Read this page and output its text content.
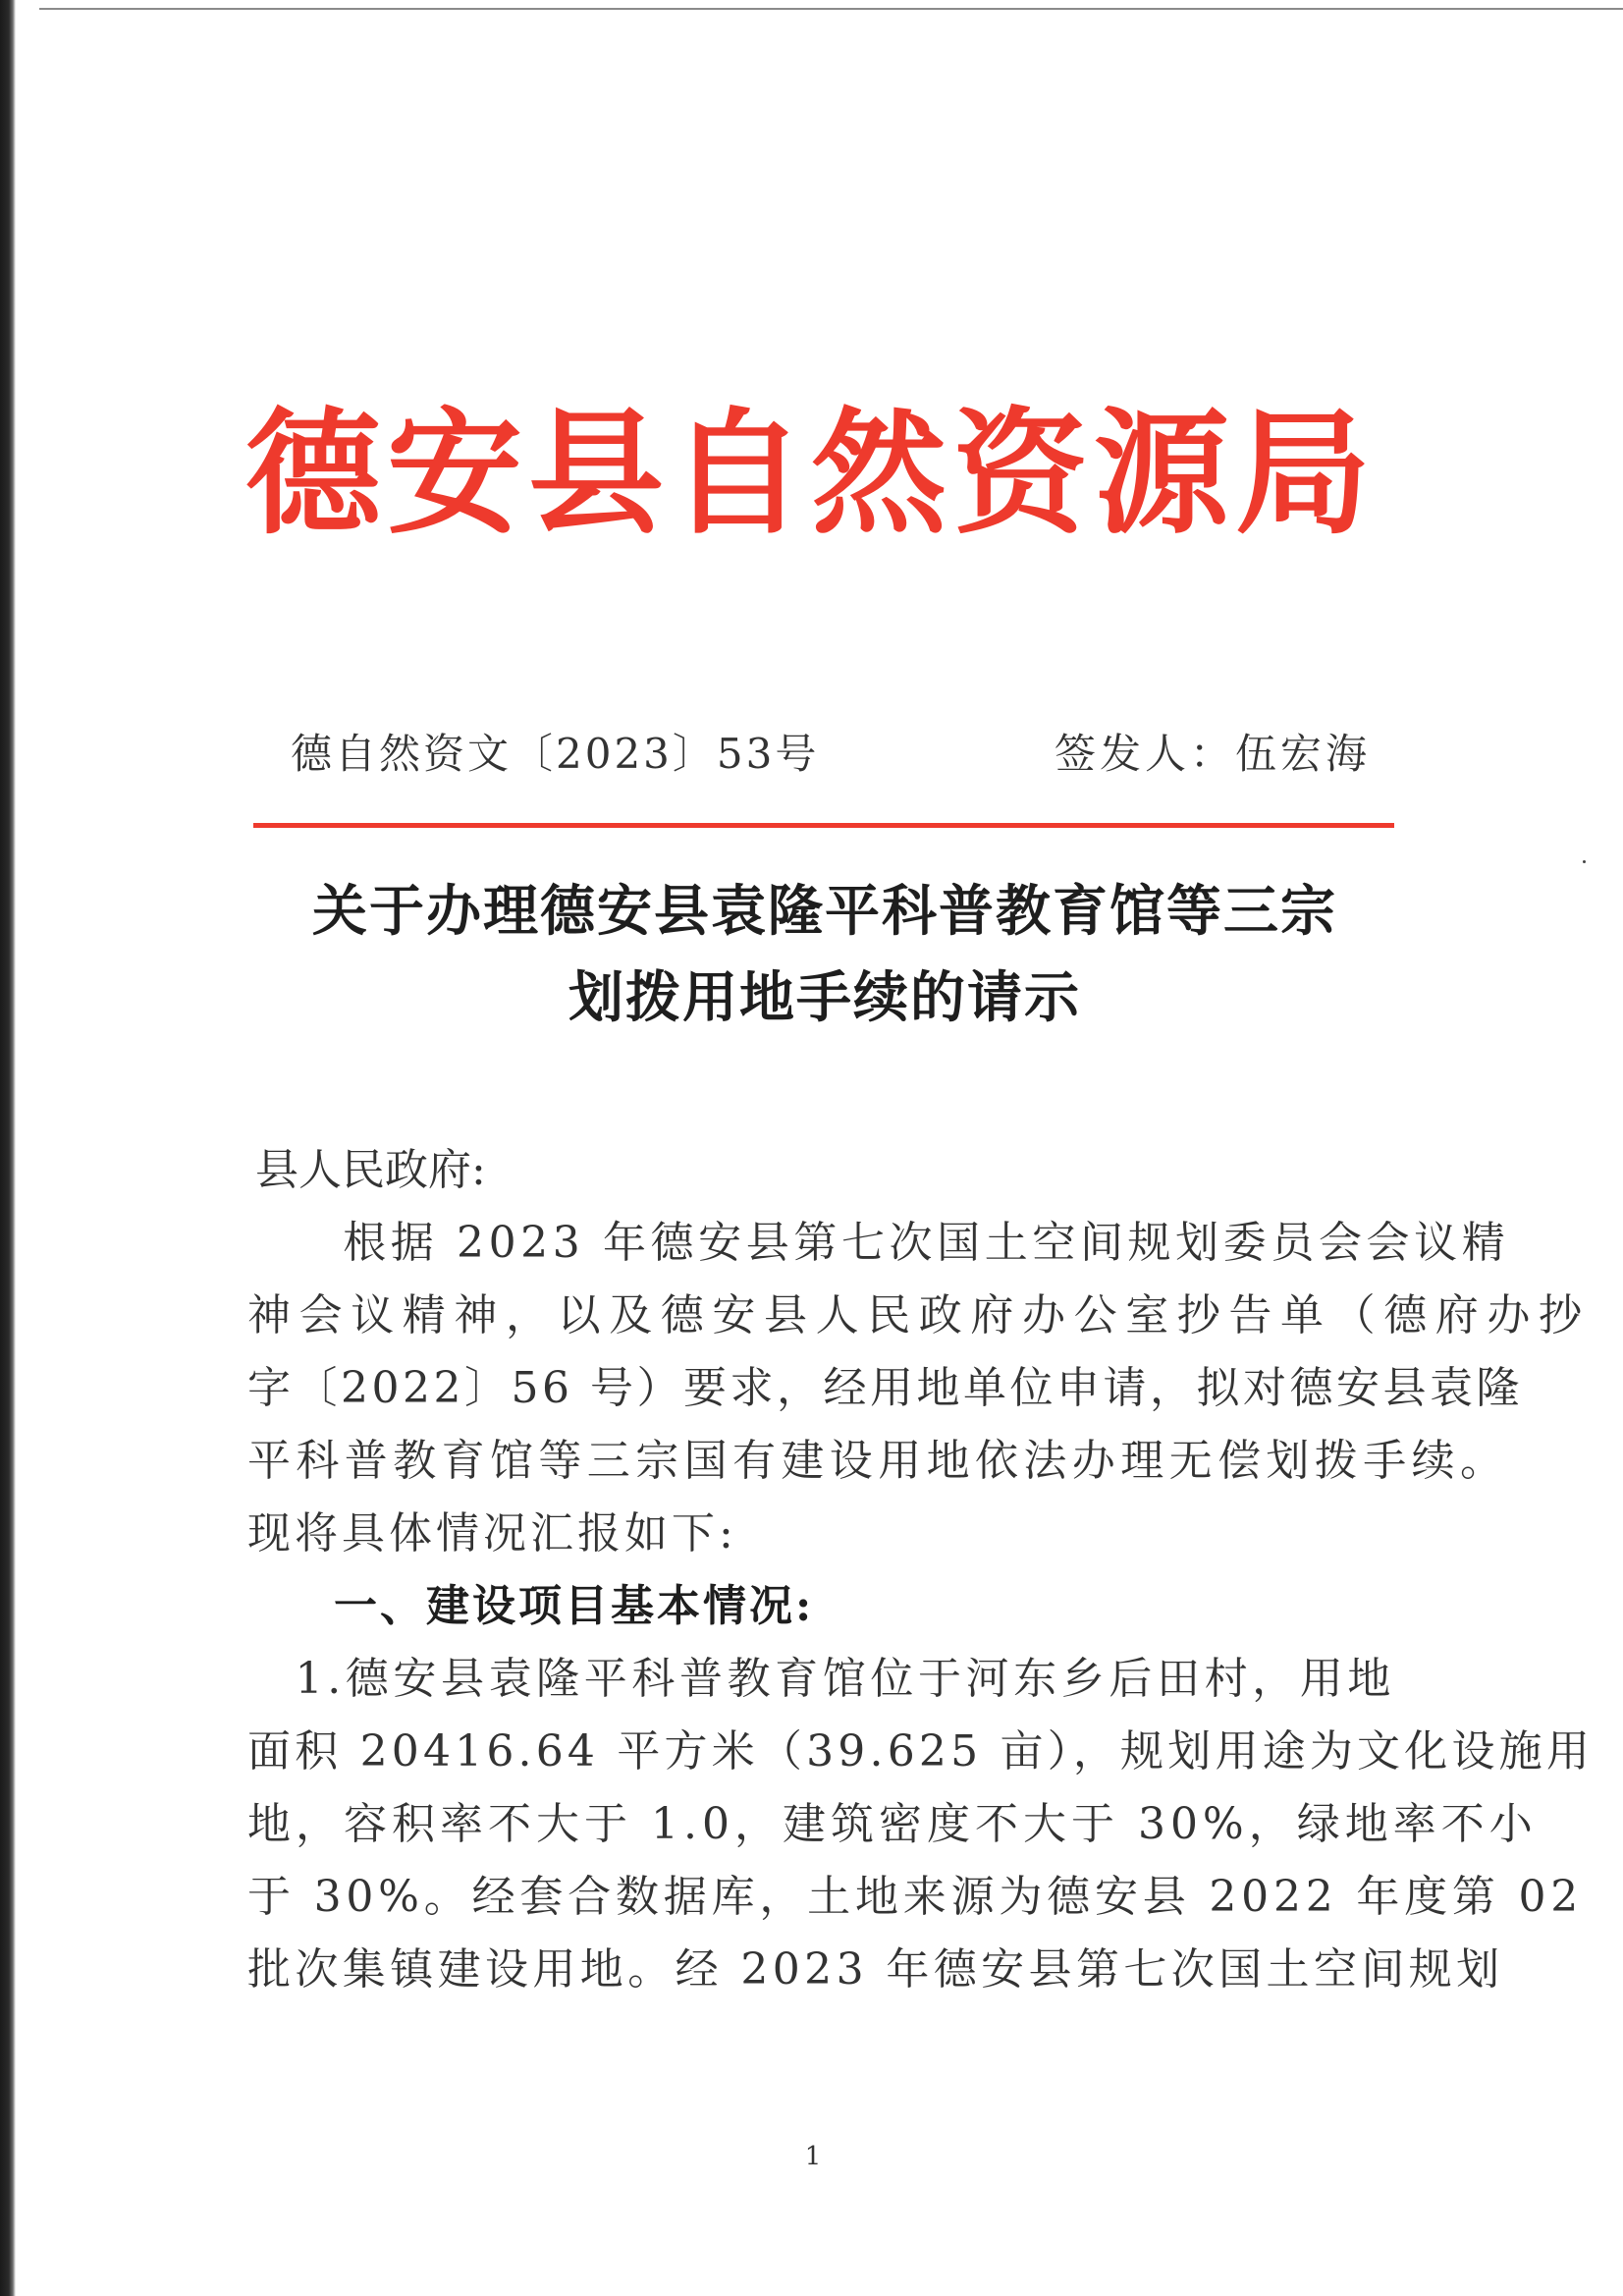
德安县自然资源局
德自然资文〔2023〕53号	签发人：伍宏海
关于办理德安县袁隆平科普教育馆等三宗
划拨用地手续的请示
县人民政府:
　　根据 2023 年德安县第七次国土空间规划委员会会议精
神会议精神，以及德安县人民政府办公室抄告单（德府办抄
字〔2022〕56 号）要求，经用地单位申请，拟对德安县袁隆
平科普教育馆等三宗国有建设用地依法办理无偿划拨手续。
现将具体情况汇报如下:
一、建设项目基本情况:
　1.德安县袁隆平科普教育馆位于河东乡后田村，用地
面积 20416.64 平方米（39.625 亩），规划用途为文化设施用
地，容积率不大于 1.0，建筑密度不大于 30%，绿地率不小
于 30%。经套合数据库，土地来源为德安县 2022 年度第 02
批次集镇建设用地。经 2023 年德安县第七次国土空间规划
1
